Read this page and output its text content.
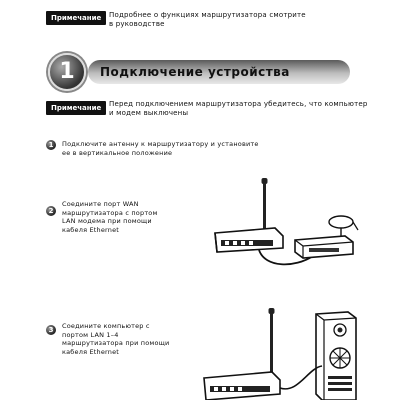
Примечание	Подробнее о функциях маршрутизатора смотрите
в руководстве
1	Подключение устройства
Примечание	Перед подключением маршрутизатора убедитесь, что компьютер
и модем выключены
1	Подключите антенну к маршрутизатору и установите
ее в вертикальное положение
2
Соедините порт WAN
маршрутизатора с портом
LAN модема при помощи
кабеля Ethernet
3	Соедините компьютер с
портом LAN 1–4
маршрутизатора при помощи
кабеля Ethernet
